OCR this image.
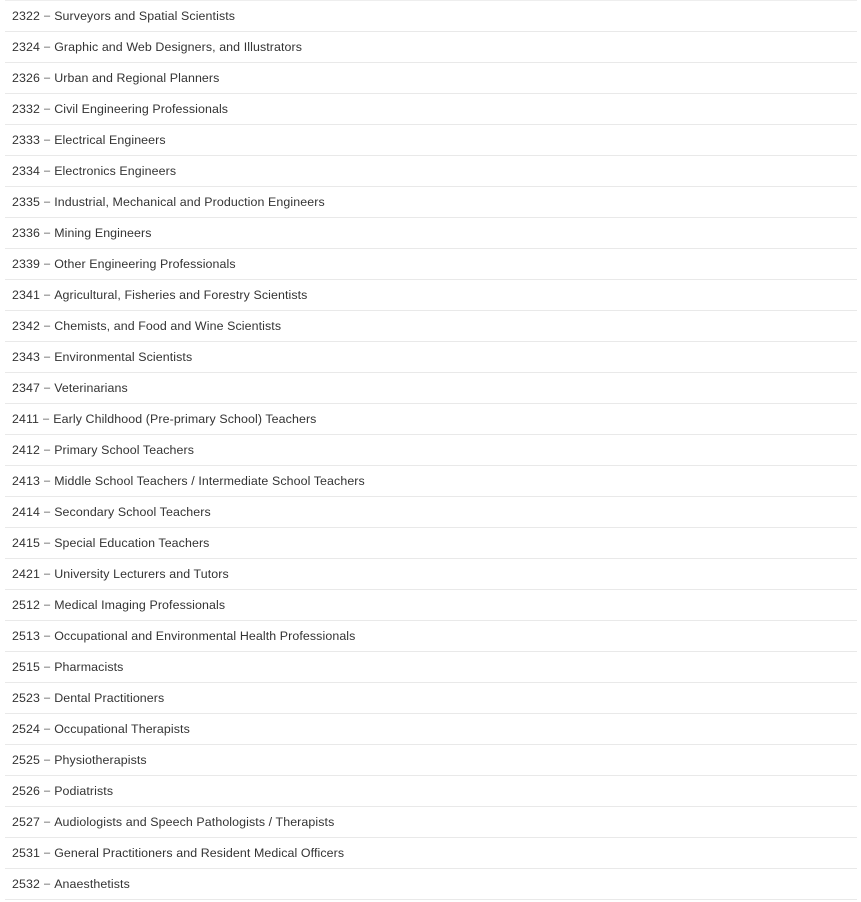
2322 – Surveyors and Spatial Scientists
2324 – Graphic and Web Designers, and Illustrators
2326 – Urban and Regional Planners
2332 – Civil Engineering Professionals
2333 – Electrical Engineers
2334 – Electronics Engineers
2335 – Industrial, Mechanical and Production Engineers
2336 – Mining Engineers
2339 – Other Engineering Professionals
2341 – Agricultural, Fisheries and Forestry Scientists
2342 – Chemists, and Food and Wine Scientists
2343 – Environmental Scientists
2347 – Veterinarians
2411 – Early Childhood (Pre-primary School) Teachers
2412 – Primary School Teachers
2413 – Middle School Teachers / Intermediate School Teachers
2414 – Secondary School Teachers
2415 – Special Education Teachers
2421 – University Lecturers and Tutors
2512 – Medical Imaging Professionals
2513 – Occupational and Environmental Health Professionals
2515 – Pharmacists
2523 – Dental Practitioners
2524 – Occupational Therapists
2525 – Physiotherapists
2526 – Podiatrists
2527 – Audiologists and Speech Pathologists / Therapists
2531 – General Practitioners and Resident Medical Officers
2532 – Anaesthetists
